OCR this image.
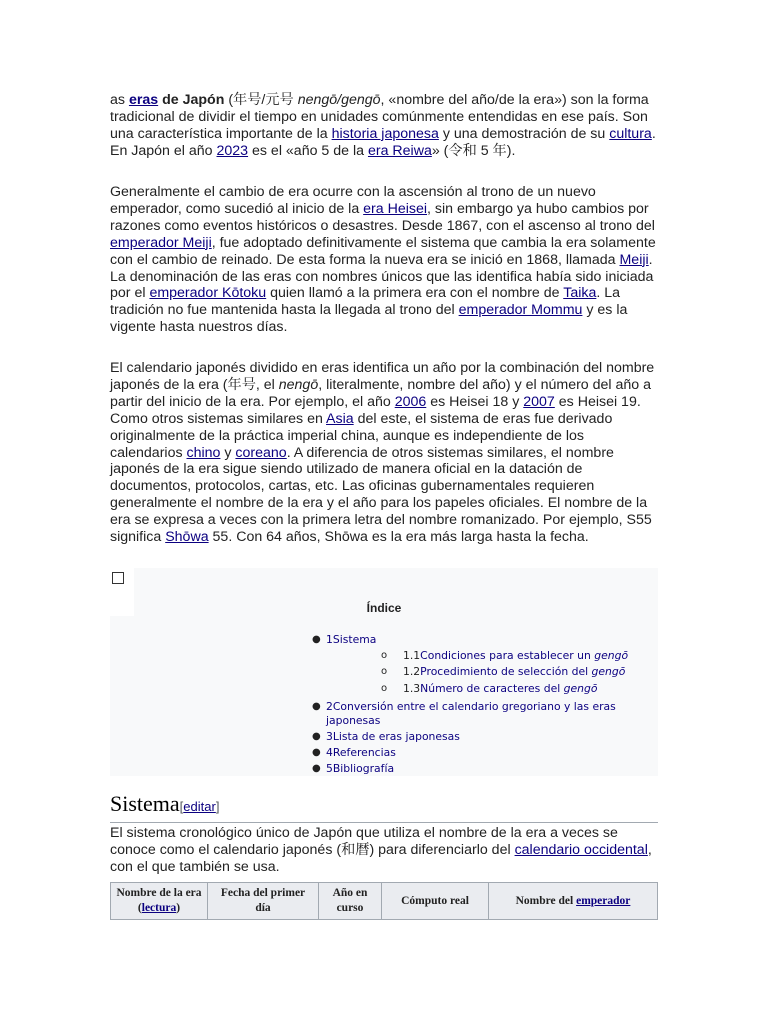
as eras de Japón (年号/元号 nengō/gengō, «nombre del año/de la era») son la forma tradicional de dividir el tiempo en unidades comúnmente entendidas en ese país. Son una característica importante de la historia japonesa y una demostración de su cultura. En Japón el año 2023 es el «año 5 de la era Reiwa» (令和 5 年).

Generalmente el cambio de era ocurre con la ascensión al trono de un nuevo emperador, como sucedió al inicio de la era Heisei, sin embargo ya hubo cambios por razones como eventos históricos o desastres. Desde 1867, con el ascenso al trono del emperador Meiji, fue adoptado definitivamente el sistema que cambia la era solamente con el cambio de reinado. De esta forma la nueva era se inició en 1868, llamada Meiji. La denominación de las eras con nombres únicos que las identifica había sido iniciada por el emperador Kōtoku quien llamó a la primera era con el nombre de Taika. La tradición no fue mantenida hasta la llegada al trono del emperador Mommu y es la vigente hasta nuestros días.

El calendario japonés dividido en eras identifica un año por la combinación del nombre japonés de la era (年号, el nengō, literalmente, nombre del año) y el número del año a partir del inicio de la era. Por ejemplo, el año 2006 es Heisei 18 y 2007 es Heisei 19. Como otros sistemas similares en Asia del este, el sistema de eras fue derivado originalmente de la práctica imperial china, aunque es independiente de los calendarios chino y coreano. A diferencia de otros sistemas similares, el nombre japonés de la era sigue siendo utilizado de manera oficial en la datación de documentos, protocolos, cartas, etc. Las oficinas gubernamentales requieren generalmente el nombre de la era y el año para los papeles oficiales. El nombre de la era se expresa a veces con la primera letra del nombre romanizado. Por ejemplo, S55 significa Shōwa 55. Con 64 años, Shōwa es la era más larga hasta la fecha.

Índice
● 1Sistema
o 1.1Condiciones para establecer un gengō
o 1.2Procedimiento de selección del gengō
o 1.3Número de caracteres del gengō
● 2Conversión entre el calendario gregoriano y las eras japonesas
● 3Lista de eras japonesas
● 4Referencias
● 5Bibliografía
Sistema[editar]

El sistema cronológico único de Japón que utiliza el nombre de la era a veces se conoce como el calendario japonés (和暦) para diferenciarlo del calendario occidental, con el que también se usa.

Nombre de la era (lectura)	Fecha del primer día	Año en curso	Cómputo real	Nombre del emperador
